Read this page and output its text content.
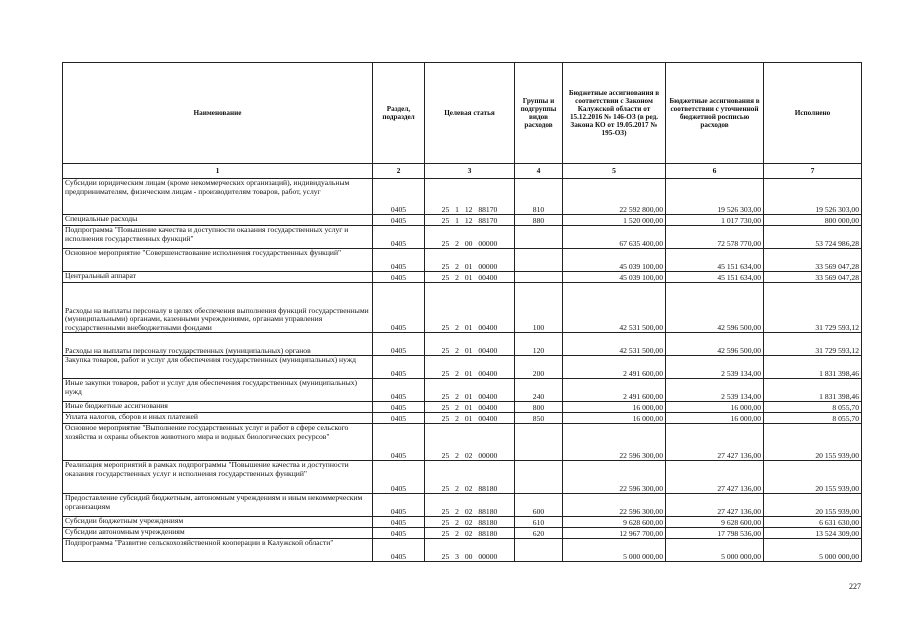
Наименование	Раздел, подраздел	Целевая статья	Группы и подгруппы видов расходов	Бюджетные ассигнования в соответствии с Законом Калужской области от 15.12.2016 № 146-ОЗ (в ред. Закона КО от 19.05.2017 № 195-ОЗ)	Бюджетные ассигнования в соответствии с уточненной бюджетной росписью расходов	Исполнено
1	2	3	4	5	6	7
Субсидии юридическим лицам (кроме некоммерческих организаций), индивидуальным предпринимателям, физическим лицам - производителям товаров, работ, услуг	0405	25 1 12 88170	810	22 592 800,00	19 526 303,00	19 526 303,00
Специальные расходы	0405	25 1 12 88170	880	1 520 000,00	1 017 730,00	800 000,00
Подпрограмма "Повышение качества и доступности оказания государственных услуг и исполнения государственных функций"	0405	25 2 00 00000		67 635 400,00	72 578 770,00	53 724 986,28
Основное мероприятие "Совершенствование исполнения государственных функций"	0405	25 2 01 00000		45 039 100,00	45 151 634,00	33 569 047,28
Центральный аппарат	0405	25 2 01 00400		45 039 100,00	45 151 634,00	33 569 047,28
Расходы на выплаты персоналу в целях обеспечения выполнения функций государственными (муниципальными) органами, казенными учреждениями, органами управления государственными внебюджетными фондами	0405	25 2 01 00400	100	42 531 500,00	42 596 500,00	31 729 593,12
Расходы на выплаты персоналу государственных (муниципальных) органов	0405	25 2 01 00400	120	42 531 500,00	42 596 500,00	31 729 593,12
Закупка товаров, работ и услуг для обеспечения государственных (муниципальных) нужд	0405	25 2 01 00400	200	2 491 600,00	2 539 134,00	1 831 398,46
Иные закупки товаров, работ и услуг для обеспечения государственных (муниципальных) нужд	0405	25 2 01 00400	240	2 491 600,00	2 539 134,00	1 831 398,46
Иные бюджетные ассигнования	0405	25 2 01 00400	800	16 000,00	16 000,00	8 055,70
Уплата налогов, сборов и иных платежей	0405	25 2 01 00400	850	16 000,00	16 000,00	8 055,70
Основное мероприятие "Выполнение государственных услуг и работ в сфере сельского хозяйства и охраны объектов животного мира и водных биологических ресурсов"	0405	25 2 02 00000		22 596 300,00	27 427 136,00	20 155 939,00
Реализация мероприятий в рамках подпрограммы "Повышение качества и доступности оказания государственных услуг и исполнения государственных функций"	0405	25 2 02 88180		22 596 300,00	27 427 136,00	20 155 939,00
Предоставление субсидий бюджетным, автономным учреждениям и иным некоммерческим организациям	0405	25 2 02 88180	600	22 596 300,00	27 427 136,00	20 155 939,00
Субсидии бюджетным учреждениям	0405	25 2 02 88180	610	9 628 600,00	9 628 600,00	6 631 630,00
Субсидии автономным учреждениям	0405	25 2 02 88180	620	12 967 700,00	17 798 536,00	13 524 309,00
Подпрограмма "Развитие сельскохозяйственной кооперации в Калужской области"	0405	25 3 00 00000		5 000 000,00	5 000 000,00	5 000 000,00
227
